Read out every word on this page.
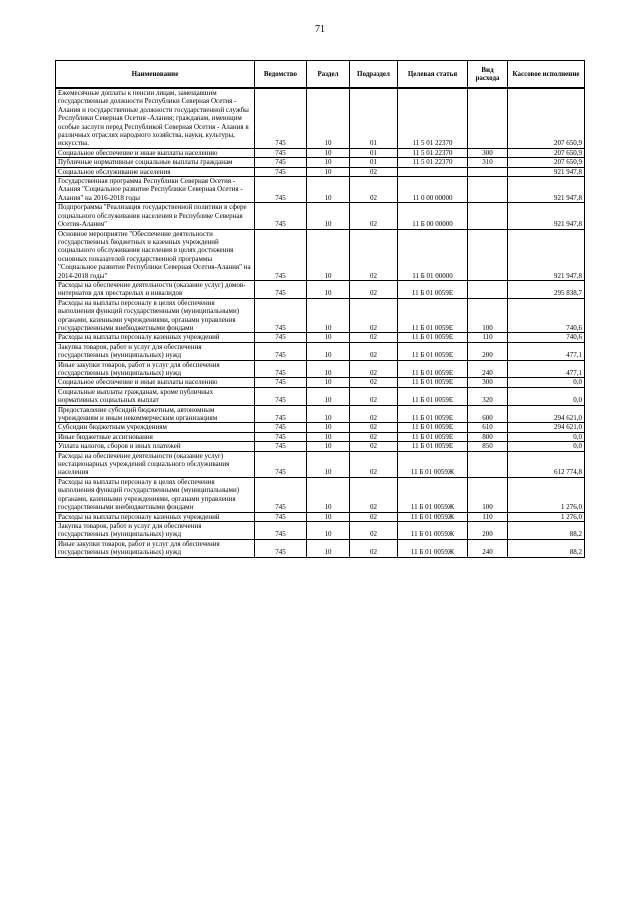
71
Наименование	Ведомство	Раздел	Подраздел	Целевая статья	Вид расхода	Кассовое исполнение
Ежемесячные доплаты к пенсии лицам, замещавшим государственные должности Республики Северная Осетия - Алания и государственные должности государственной службы Республики Северная Осетия -Алания; гражданам, имеющим особые заслуги перед Республикой Северная Осетия - Алания в различных отраслях народного хозяйства, науки, культуры, искусства.	745	10	01	11 5 01 22370		207 650,9
Социальное обеспечение и иные выплаты населению	745	10	01	11 5 01 22370	300	207 650,9
Публичные нормативные социальные выплаты гражданам	745	10	01	11 5 01 22370	310	207 650,9
Социальное обслуживание населения	745	10	02			921 947,8
Государственная программа Республики Северная Осетия - Алания "Социальное развитие Республики Северная Осетия - Алания" на 2016-2018 годы	745	10	02	11 0 00 00000		921 947,8
Подпрограмма "Реализация государственной политики в сфере социального обслуживания населения в Республике Северная Осетия-Алания"	745	10	02	11 Б 00 00000		921 947,8
Основное мероприятие "Обеспечение деятельности государственных бюджетных и казенных учреждений социального обслуживания населения в целях достижения основных показателей государственной программы "Социальное развитие Республики Северная Осетия-Алания" на 2014-2018 годы"	745	10	02	11 Б 01 00000		921 947,8
Расходы на обеспечение деятельности (оказание услуг) домов-интернатов для престарелых и инвалидов	745	10	02	11 Б 01 0059Е		295 838,7
Расходы на выплаты персоналу в целях обеспечения выполнения функций государственными (муниципальными) органами, казенными учреждениями, органами управления государственными внебюджетными фондами	745	10	02	11 Б 01 0059Е	100	740,6
Расходы на выплаты персоналу казенных учреждений	745	10	02	11 Б 01 0059Е	110	740,6
Закупка товаров, работ и услуг для обеспечения государственных (муниципальных) нужд	745	10	02	11 Б 01 0059Е	200	477,1
Иные закупки товаров, работ и услуг для обеспечения государственных (муниципальных) нужд	745	10	02	11 Б 01 0059Е	240	477,1
Социальное обеспечение и иные выплаты населению	745	10	02	11 Б 01 0059Е	300	0,0
Социальные выплаты гражданам, кроме публичных нормативных социальных выплат	745	10	02	11 Б 01 0059Е	320	0,0
Предоставление субсидий бюджетным, автономным учреждениям и иным некоммерческим организациям	745	10	02	11 Б 01 0059Е	600	294 621,0
Субсидии бюджетным учреждениям	745	10	02	11 Б 01 0059Е	610	294 621,0
Иные бюджетные ассигнования	745	10	02	11 Б 01 0059Е	800	0,0
Уплата налогов, сборов и иных платежей	745	10	02	11 Б 01 0059Е	850	0,0
Расходы на обеспечение деятельности (оказание услуг) нестационарных учреждений социального обслуживания населения	745	10	02	11 Б 01 0059Ж		612 774,8
Расходы на выплаты персоналу в целях обеспечения выполнения функций государственными (муниципальными) органами, казенными учреждениями, органами управления государственными внебюджетными фондами	745	10	02	11 Б 01 0059Ж	100	1 276,0
Расходы на выплаты персоналу казенных учреждений	745	10	02	11 Б 01 0059Ж	110	1 276,0
Закупка товаров, работ и услуг для обеспечения государственных (муниципальных) нужд	745	10	02	11 Б 01 0059Ж	200	88,2
Иные закупки товаров, работ и услуг для обеспечения государственных (муниципальных) нужд	745	10	02	11 Б 01 0059Ж	240	88,2
